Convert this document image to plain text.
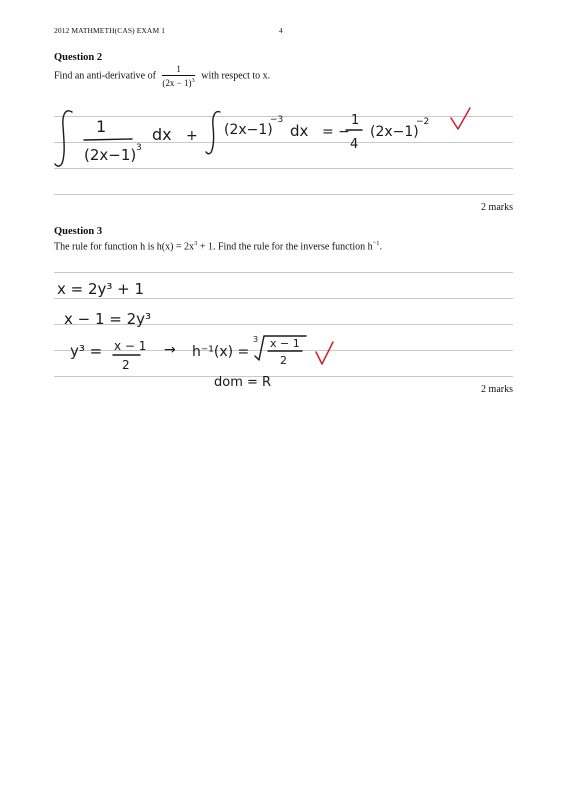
2012 MATHMETH(CAS) EXAM 1	4
Question 2
Find an anti-derivative of $\frac{1}{(2x - 1)^3}$ with respect to x.
2 marks
Question 3
The rule for function h is $h(x) = 2x^3 + 1$. Find the rule for the inverse function $h^{-1}$.
2 marks
1
(2x−1) 3
dx + (2x−1)
−3
dx = −
1
4
(2x−1)
−2
x = 2y³ + 1
x − 1 = 2y³
y³ = x − 1
2
→ h⁻¹(x) =
3 x − 1
2
dom = R
